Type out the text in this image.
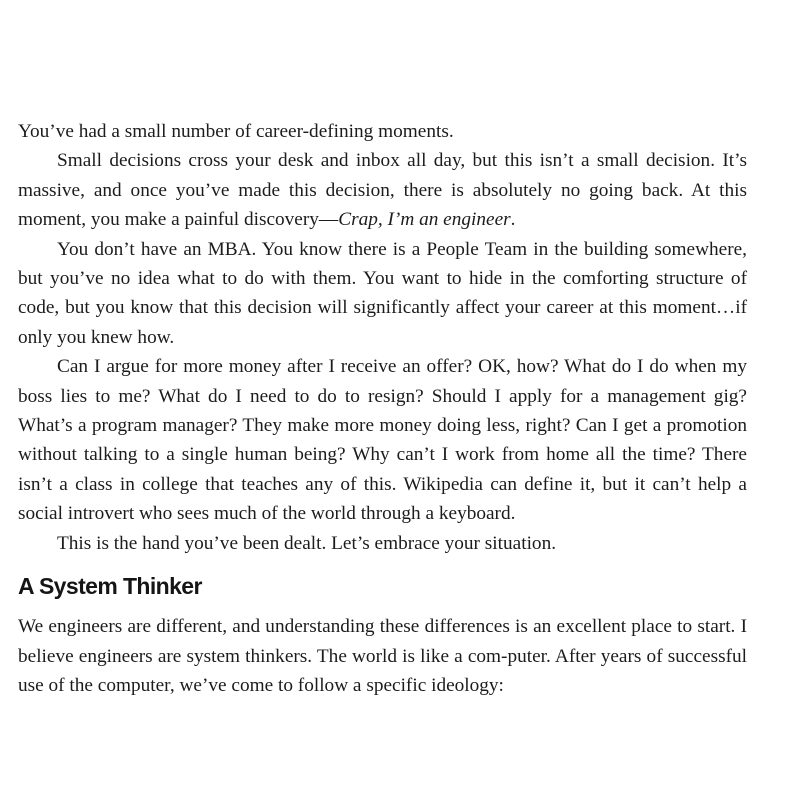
You’ve had a small number of career-defining moments.

Small decisions cross your desk and inbox all day, but this isn’t a small decision. It’s massive, and once you’ve made this decision, there is absolutely no going back. At this moment, you make a painful discovery—Crap, I’m an engineer.

You don’t have an MBA. You know there is a People Team in the building somewhere, but you’ve no idea what to do with them. You want to hide in the comforting structure of code, but you know that this decision will significantly affect your career at this moment…if only you knew how.

Can I argue for more money after I receive an offer? OK, how? What do I do when my boss lies to me? What do I need to do to resign? Should I apply for a management gig? What’s a program manager? They make more money doing less, right? Can I get a promotion without talking to a single human being? Why can’t I work from home all the time? There isn’t a class in college that teaches any of this. Wikipedia can define it, but it can’t help a social introvert who sees much of the world through a keyboard.

This is the hand you’ve been dealt. Let’s embrace your situation.

A System Thinker

We engineers are different, and understanding these differences is an excellent place to start. I believe engineers are system thinkers. The world is like a com-puter. After years of successful use of the computer, we’ve come to follow a specific ideology:
